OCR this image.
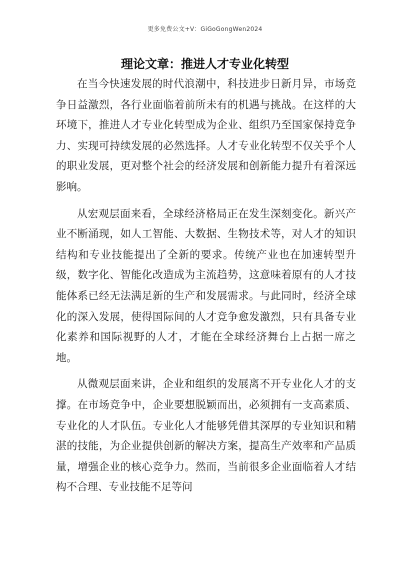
更多免费公文+V：GiGoGongWen2024
理论文章：推进人才专业化转型

在当今快速发展的时代浪潮中，科技进步日新月异，市场竞争日益激烈，各行业面临着前所未有的机遇与挑战。在这样的大环境下，推进人才专业化转型成为企业、组织乃至国家保持竞争力、实现可持续发展的必然选择。人才专业化转型不仅关乎个人的职业发展，更对整个社会的经济发展和创新能力提升有着深远影响。

从宏观层面来看，全球经济格局正在发生深刻变化。新兴产业不断涌现，如人工智能、大数据、生物技术等，对人才的知识结构和专业技能提出了全新的要求。传统产业也在加速转型升级，数字化、智能化改造成为主流趋势，这意味着原有的人才技能体系已经无法满足新的生产和发展需求。与此同时，经济全球化的深入发展，使得国际间的人才竞争愈发激烈，只有具备专业化素养和国际视野的人才，才能在全球经济舞台上占据一席之地。

从微观层面来讲，企业和组织的发展离不开专业化人才的支撑。在市场竞争中，企业要想脱颖而出，必须拥有一支高素质、专业化的人才队伍。专业化人才能够凭借其深厚的专业知识和精湛的技能，为企业提供创新的解决方案，提高生产效率和产品质量，增强企业的核心竞争力。然而，当前很多企业面临着人才结构不合理、专业技能不足等问
